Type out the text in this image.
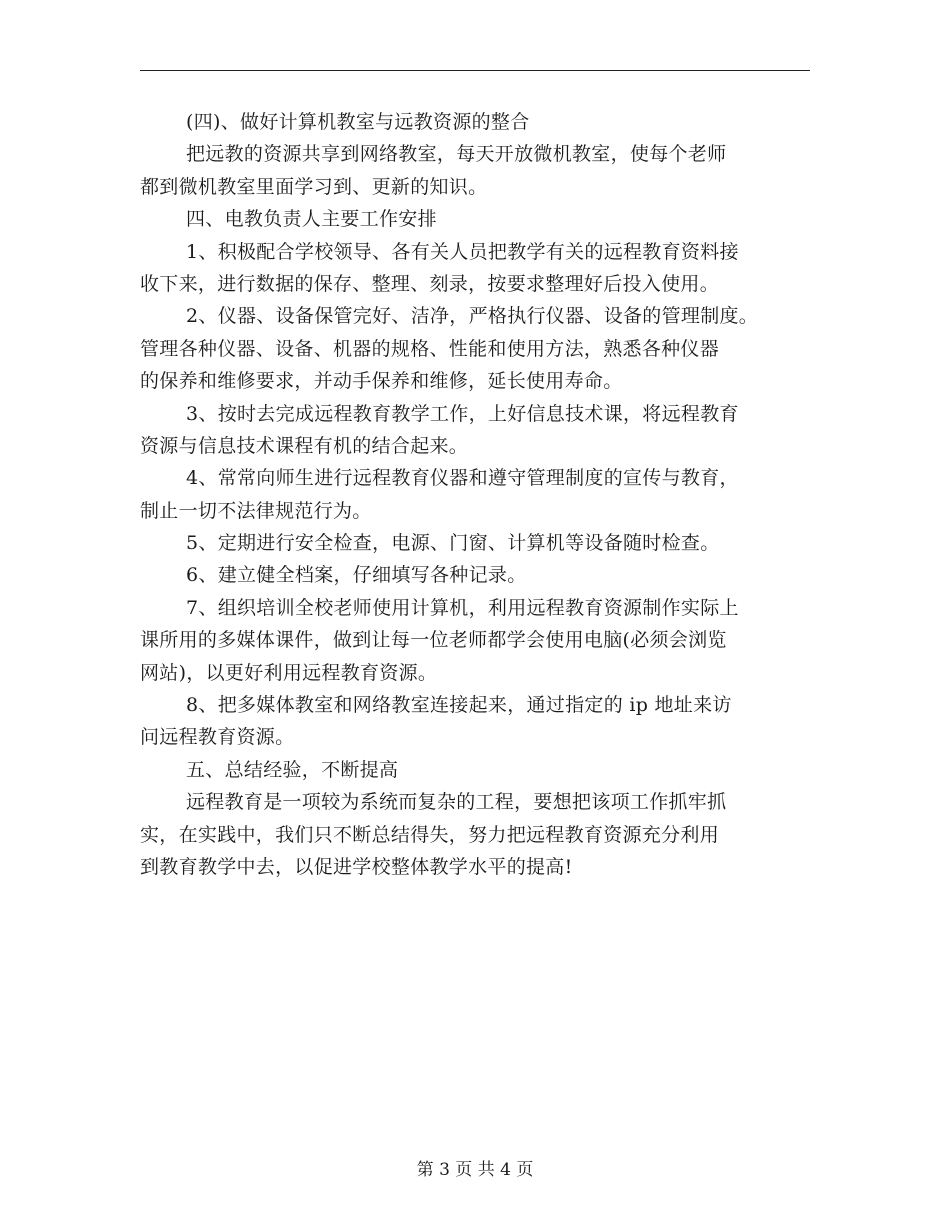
(四)、做好计算机教室与远教资源的整合
把远教的资源共享到网络教室，每天开放微机教室，使每个老师
都到微机教室里面学习到、更新的知识。
四、电教负责人主要工作安排
1、积极配合学校领导、各有关人员把教学有关的远程教育资料接
收下来，进行数据的保存、整理、刻录，按要求整理好后投入使用。
2、仪器、设备保管完好、洁净，严格执行仪器、设备的管理制度。
管理各种仪器、设备、机器的规格、性能和使用方法，熟悉各种仪器
的保养和维修要求，并动手保养和维修，延长使用寿命。
3、按时去完成远程教育教学工作，上好信息技术课，将远程教育
资源与信息技术课程有机的结合起来。
4、常常向师生进行远程教育仪器和遵守管理制度的宣传与教育，
制止一切不法律规范行为。
5、定期进行安全检查，电源、门窗、计算机等设备随时检查。
6、建立健全档案，仔细填写各种记录。
7、组织培训全校老师使用计算机，利用远程教育资源制作实际上
课所用的多媒体课件，做到让每一位老师都学会使用电脑(必须会浏览
网站)，以更好利用远程教育资源。
8、把多媒体教室和网络教室连接起来，通过指定的 ip 地址来访
问远程教育资源。
五、总结经验，不断提高
远程教育是一项较为系统而复杂的工程，要想把该项工作抓牢抓
实，在实践中，我们只不断总结得失，努力把远程教育资源充分利用
到教育教学中去，以促进学校整体教学水平的提高!
第 3 页 共 4 页
